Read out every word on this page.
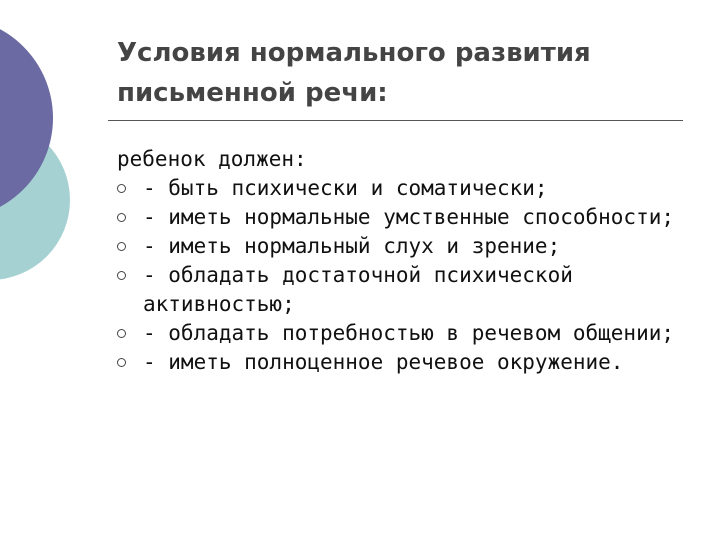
Условия нормального развития
письменной речи:

ребенок должен:

- быть психически и соматически;
- иметь нормальные умственные способности;
- иметь нормальный слух и зрение;
- обладать достаточной психической активностью;
- обладать потребностью в речевом общении;
- иметь полноценное речевое окружение.
